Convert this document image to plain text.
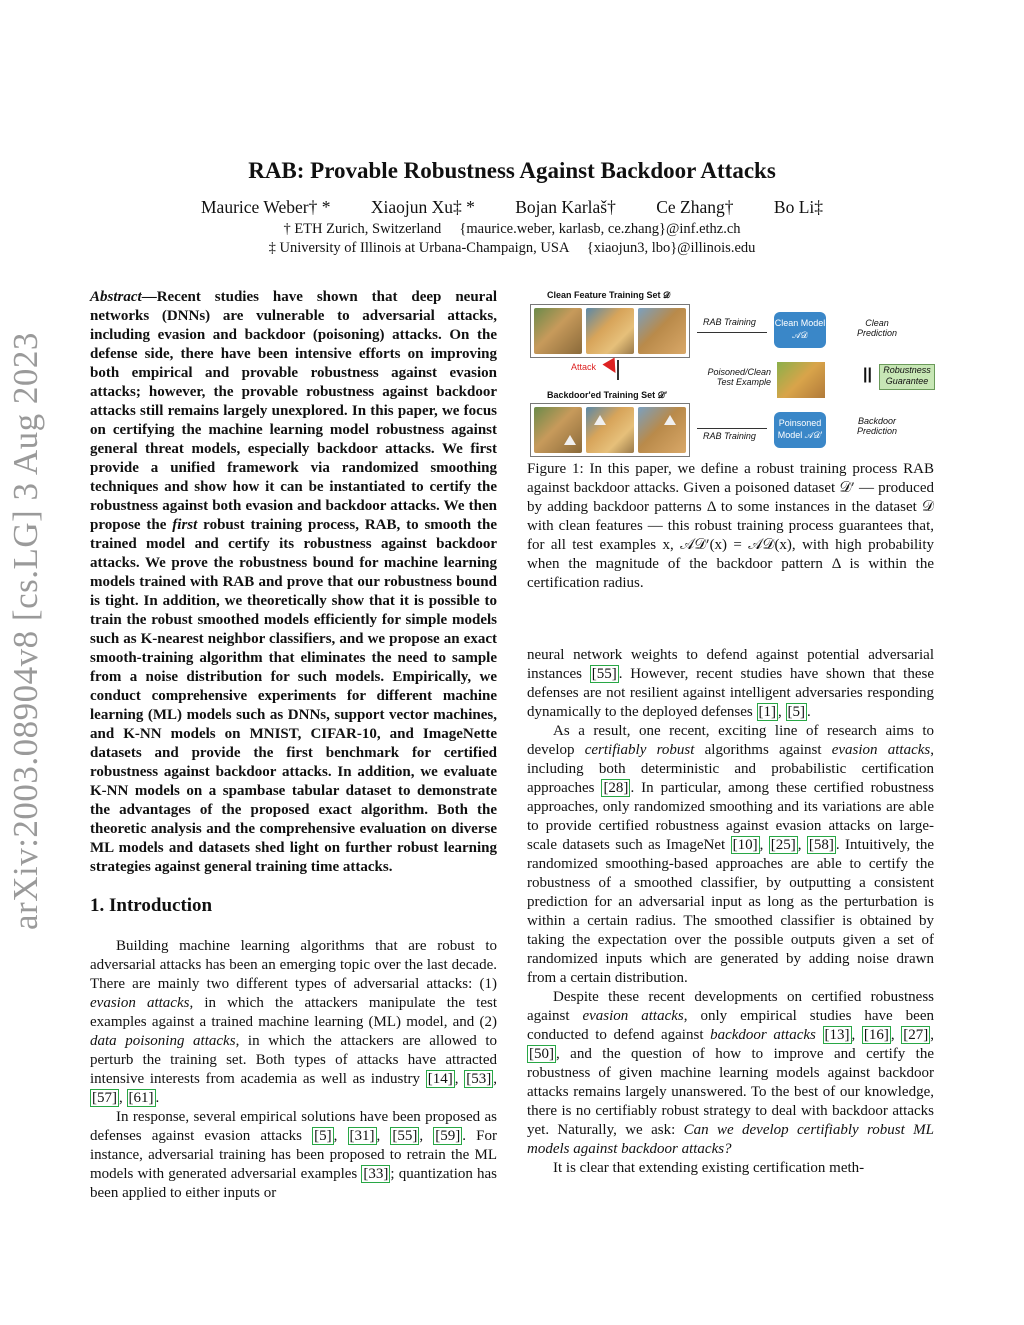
arXiv:2003.08904v8 [cs.LG] 3 Aug 2023
RAB: Provable Robustness Against Backdoor Attacks
Maurice Weber† * Xiaojun Xu‡ * Bojan Karlaš† Ce Zhang† Bo Li‡
† ETH Zurich, Switzerland     {maurice.weber, karlasb, ce.zhang}@inf.ethz.ch
‡ University of Illinois at Urbana-Champaign, USA     {xiaojun3, lbo}@illinois.edu
Abstract—Recent studies have shown that deep neural networks (DNNs) are vulnerable to adversarial attacks, including evasion and backdoor (poisoning) attacks. On the defense side, there have been intensive efforts on improving both empirical and provable robustness against evasion attacks; however, the provable robustness against backdoor attacks still remains largely unexplored. In this paper, we focus on certifying the machine learning model robustness against general threat models, especially backdoor attacks. We first provide a unified framework via randomized smoothing techniques and show how it can be instantiated to certify the robustness against both evasion and backdoor attacks. We then propose the first robust training process, RAB, to smooth the trained model and certify its robustness against backdoor attacks. We prove the robustness bound for machine learning models trained with RAB and prove that our robustness bound is tight. In addition, we theoretically show that it is possible to train the robust smoothed models efficiently for simple models such as K-nearest neighbor classifiers, and we propose an exact smooth-training algorithm that eliminates the need to sample from a noise distribution for such models. Empirically, we conduct comprehensive experiments for different machine learning (ML) models such as DNNs, support vector machines, and K-NN models on MNIST, CIFAR-10, and ImageNette datasets and provide the first benchmark for certified robustness against backdoor attacks. In addition, we evaluate K-NN models on a spambase tabular dataset to demonstrate the advantages of the proposed exact algorithm. Both the theoretic analysis and the comprehensive evaluation on diverse ML models and datasets shed light on further robust learning strategies against general training time attacks.
1. Introduction

Building machine learning algorithms that are robust to adversarial attacks has been an emerging topic over the last decade. There are mainly two different types of adversarial attacks: (1) evasion attacks, in which the attackers manipulate the test examples against a trained machine learning (ML) model, and (2) data poisoning attacks, in which the attackers are allowed to perturb the training set. Both types of attacks have attracted intensive interests from academia as well as industry [14] , [53] , [57] , [61] .

In response, several empirical solutions have been proposed as defenses against evasion attacks [5] , [31] , [55] , [59] . For instance, adversarial training has been proposed to retrain the ML models with generated adversarial examples [33] ; quantization has been applied to either inputs or

Clean Feature Training Set 𝒟
Attack
Backdoor'ed Training Set 𝒟′
RAB Training Clean Model 𝒜𝒟
Clean Prediction
Poisoned/Clean Test Example	||	Robustness Guarantee
RAB Training
Poinsoned Model 𝒜𝒟′
Backdoor Prediction
Figure 1: In this paper, we define a robust training process RAB against backdoor attacks. Given a poisoned dataset 𝒟′ — produced by adding backdoor patterns Δ to some instances in the dataset 𝒟 with clean features — this robust training process guarantees that, for all test examples x, 𝒜𝒟′(x) = 𝒜𝒟(x), with high probability when the magnitude of the backdoor pattern Δ is within the certification radius.

neural network weights to defend against potential adversarial instances [55] . However, recent studies have shown that these defenses are not resilient against intelligent adversaries responding dynamically to the deployed defenses [1] , [5] .

As a result, one recent, exciting line of research aims to develop certifiably robust algorithms against evasion attacks, including both deterministic and probabilistic certification approaches [28] . In particular, among these certified robustness approaches, only randomized smoothing and its variations are able to provide certified robustness against evasion attacks on large-scale datasets such as ImageNet [10] , [25] , [58] . Intuitively, the randomized smoothing-based approaches are able to certify the robustness of a smoothed classifier, by outputting a consistent prediction for an adversarial input as long as the perturbation is within a certain radius. The smoothed classifier is obtained by taking the expectation over the possible outputs given a set of randomized inputs which are generated by adding noise drawn from a certain distribution.

Despite these recent developments on certified robustness against evasion attacks, only empirical studies have been conducted to defend against backdoor attacks [13] , [16] , [27] , [50] , and the question of how to improve and certify the robustness of given machine learning models against backdoor attacks remains largely unanswered. To the best of our knowledge, there is no certifiably robust strategy to deal with backdoor attacks yet. Naturally, we ask: Can we develop certifiably robust ML models against backdoor attacks?

It is clear that extending existing certification meth-
